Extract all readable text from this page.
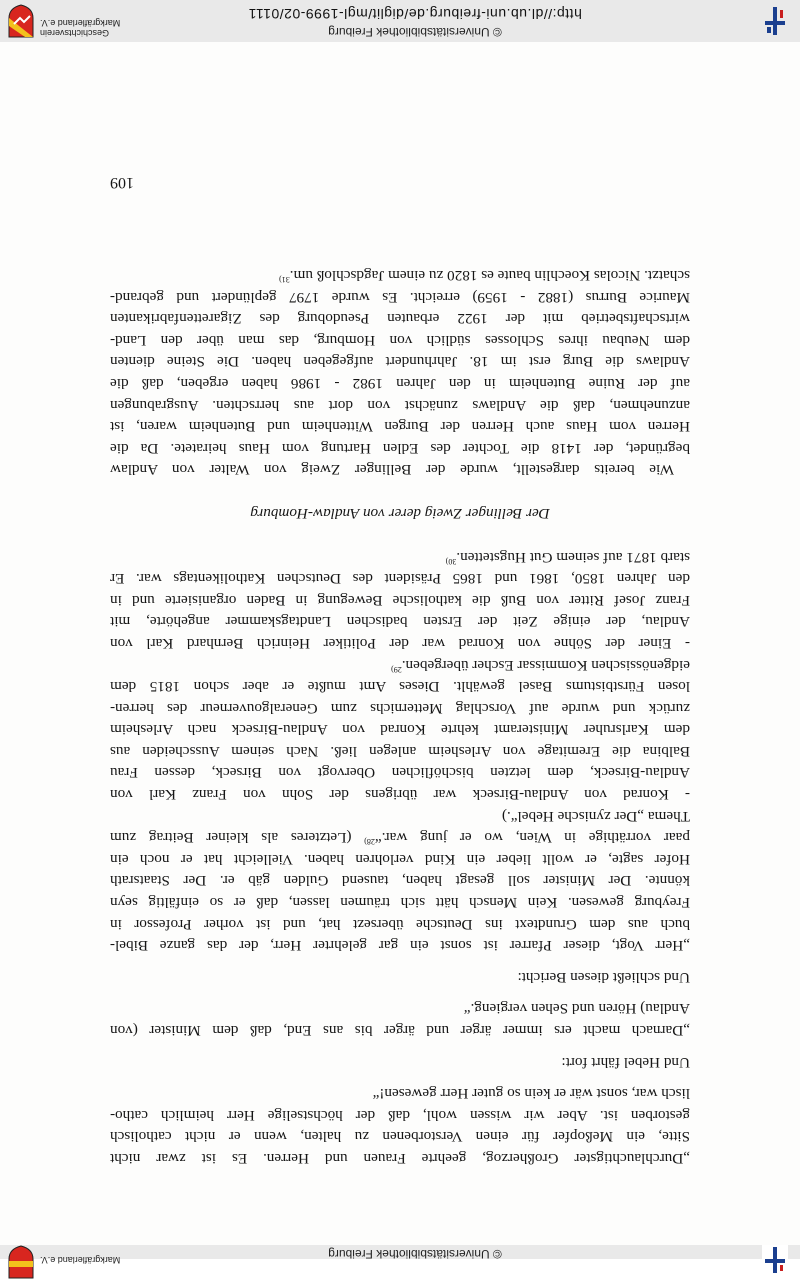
© Universitätsbibliothek Freiburg
Markgräflerland e.V.

„Durchlauchtigster Großherzog, geehrte Frauen und Herren. Es ist zwar nicht
Sitte, ein Meßopfer für einen Verstorbenen zu halten, wenn er nicht catholisch
gestorben ist. Aber wir wissen wohl, daß der höchstselige Herr heimlich catho-
lisch war, sonst wär er kein so guter Herr gewesen!“

Und Hebel fährt fort:

„Darnach macht ers immer ärger und ärger bis ans End, daß dem Minister (von
Andlau) Hören und Sehen vergieng.“

Und schließt diesen Bericht:

„Herr Vogt, dieser Pfarrer ist sonst ein gar gelehrter Herr, der das ganze Bibel-
buch aus dem Grundtext ins Deutsche übersezt hat, und ist vorher Professor in
Freyburg gewesen. Kein Mensch hätt sich träumen lassen, daß er so einfältig seyn
könnte. Der Minister soll gesagt haben, tausend Gulden gäb er. Der Staatsrath
Hofer sagte, er wollt lieber ein Kind verlohren haben. Vielleicht hat er noch ein
paar vorräthige in Wien, wo er jung war.“$^{28)}$ (Letzteres als kleiner Beitrag zum
Thema „Der zynische Hebel“.)

- Konrad von Andlau-Birseck war übrigens der Sohn von Franz Karl von
Andlau-Birseck, dem letzten bischöflichen Obervogt von Birseck, dessen Frau
Balbina die Eremitage von Arlesheim anlegen ließ. Nach seinem Ausscheiden aus
dem Karlsruher Ministeramt kehrte Konrad von Andlau-Birseck nach Arlesheim
zurück und wurde auf Vorschlag Metternichs zum Generalgouverneur des herren-
losen Fürstbistums Basel gewählt. Dieses Amt mußte er aber schon 1815 dem
eidgenössischen Kommissar Escher übergeben.$^{29)}$

- Einer der Söhne von Konrad war der Politiker Heinrich Bernhard Karl von
Andlau, der einige Zeit der Ersten badischen Landtagskammer angehörte, mit
Franz Josef Ritter von Buß die katholische Bewegung in Baden organisierte und in
den Jahren 1850, 1861 und 1865 Präsident des Deutschen Katholikentags war. Er
starb 1871 auf seinem Gut Hugstetten.$^{30)}$

Der Bellinger Zweig derer von Andlaw-Homburg

Wie bereits dargestellt, wurde der Bellinger Zweig von Walter von Andlaw
begründet, der 1418 die Tochter des Edlen Hartung vom Haus heiratete. Da die
Herren vom Haus auch Herren der Burgen Wittenheim und Butenheim waren, ist
anzunehmen, daß die Andlaws zunächst von dort aus herrschten. Ausgrabungen
auf der Ruine Butenheim in den Jahren 1982 - 1986 haben ergeben, daß die
Andlaws die Burg erst im 18. Jahrhundert aufgegeben haben. Die Steine dienten
dem Neubau ihres Schlosses südlich von Homburg, das man über den Land-
wirtschaftsbetrieb mit der 1922 erbauten Pseudoburg des Zigarettenfabrikanten
Maurice Burrus (1882 - 1959) erreicht. Es wurde 1797 geplündert und gebrand-
schatzt. Nicolas Koechlin baute es 1820 zu einem Jagdschloß um.$^{31)}$

109
© Universitätsbibliothek Freiburg
http://dl.ub.uni-freiburg.de/diglit/mgl-1999-02/0111
Geschichtsverein
Markgräflerland e.V.
